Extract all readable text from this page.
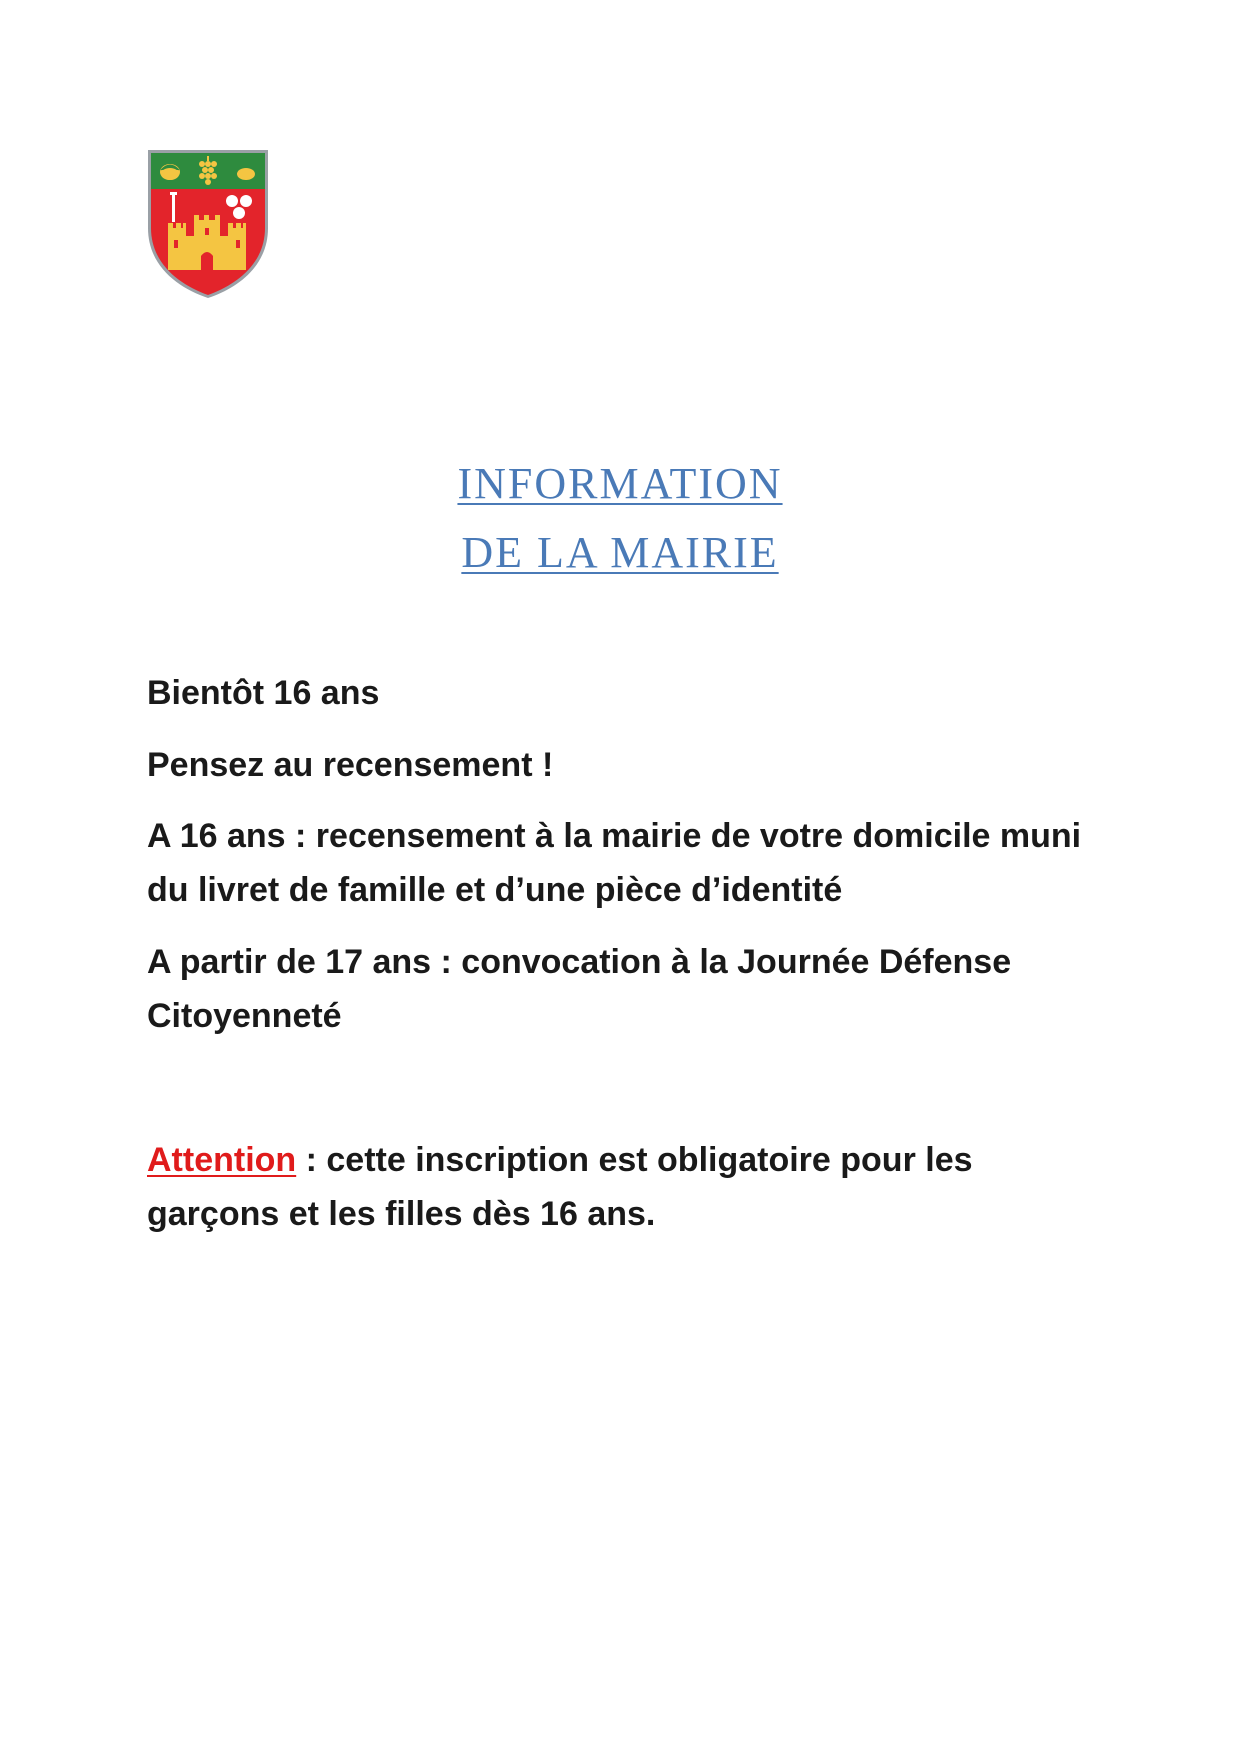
INFORMATION
DE LA MAIRIE

Bientôt 16 ans

Pensez au recensement !

A 16 ans : recensement à la mairie de votre domicile muni du livret de famille et d’une pièce d’identité

A partir de 17 ans : convocation à la Journée Défense Citoyenneté

Attention : cette inscription est obligatoire pour les garçons et les filles dès 16 ans.
